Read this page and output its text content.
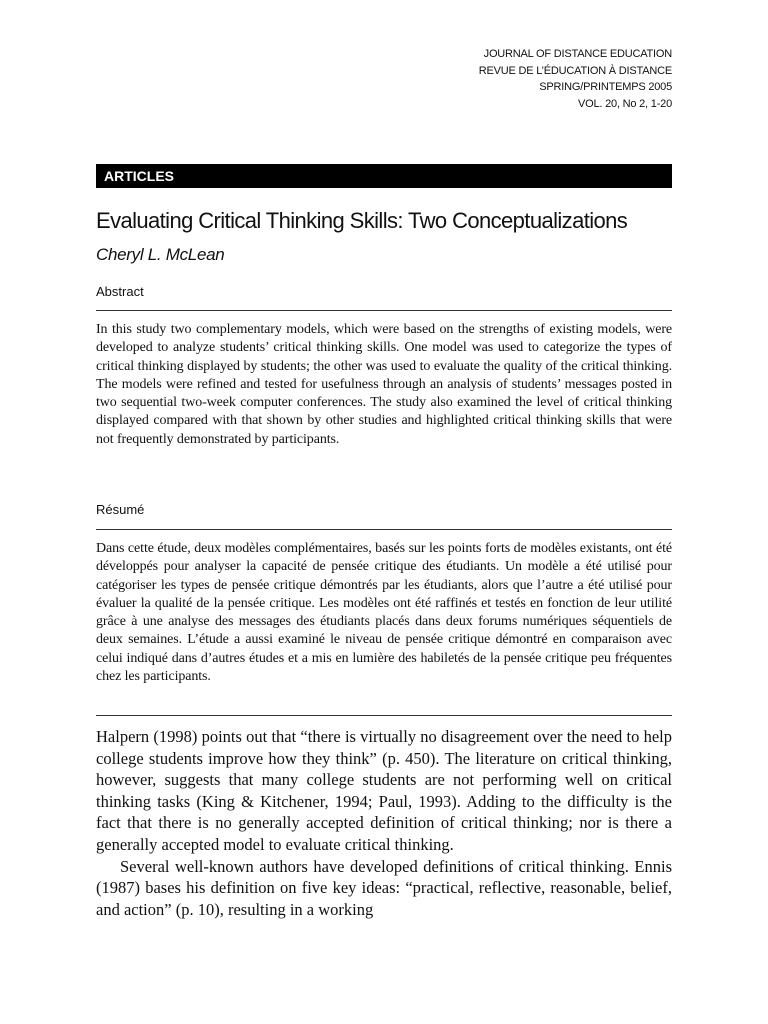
JOURNAL OF DISTANCE EDUCATION
REVUE DE L’ÉDUCATION À DISTANCE
SPRING/PRINTEMPS 2005
VOL. 20, No 2, 1-20
ARTICLES
Evaluating Critical Thinking Skills: Two Conceptualizations
Cheryl L. McLean
Abstract
In this study two complementary models, which were based on the strengths of existing models, were developed to analyze students’ critical thinking skills. One model was used to categorize the types of critical thinking displayed by students; the other was used to evaluate the quality of the critical thinking. The models were refined and tested for usefulness through an analysis of students’ messages posted in two sequential two-week computer conferences. The study also examined the level of critical thinking displayed compared with that shown by other studies and highlighted critical thinking skills that were not frequently demonstrated by participants.
Résumé
Dans cette étude, deux modèles complémentaires, basés sur les points forts de modèles existants, ont été développés pour analyser la capacité de pensée critique des étudiants. Un modèle a été utilisé pour catégoriser les types de pensée critique démontrés par les étudiants, alors que l’autre a été utilisé pour évaluer la qualité de la pensée critique. Les modèles ont été raffinés et testés en fonction de leur utilité grâce à une analyse des messages des étudiants placés dans deux forums numériques séquentiels de deux semaines. L’étude a aussi examiné le niveau de pensée critique démontré en comparaison avec celui indiqué dans d’autres études et a mis en lumière des habiletés de la pensée critique peu fréquentes chez les participants.

Halpern (1998) points out that “there is virtually no disagreement over the need to help college students improve how they think” (p. 450). The literature on critical thinking, however, suggests that many college students are not performing well on critical thinking tasks (King & Kitchener, 1994; Paul, 1993). Adding to the difficulty is the fact that there is no generally accepted definition of critical thinking; nor is there a generally accepted model to evaluate critical thinking.

Several well-known authors have developed definitions of critical thinking. Ennis (1987) bases his definition on five key ideas: “practical, reflective, reasonable, belief, and action” (p. 10), resulting in a working
